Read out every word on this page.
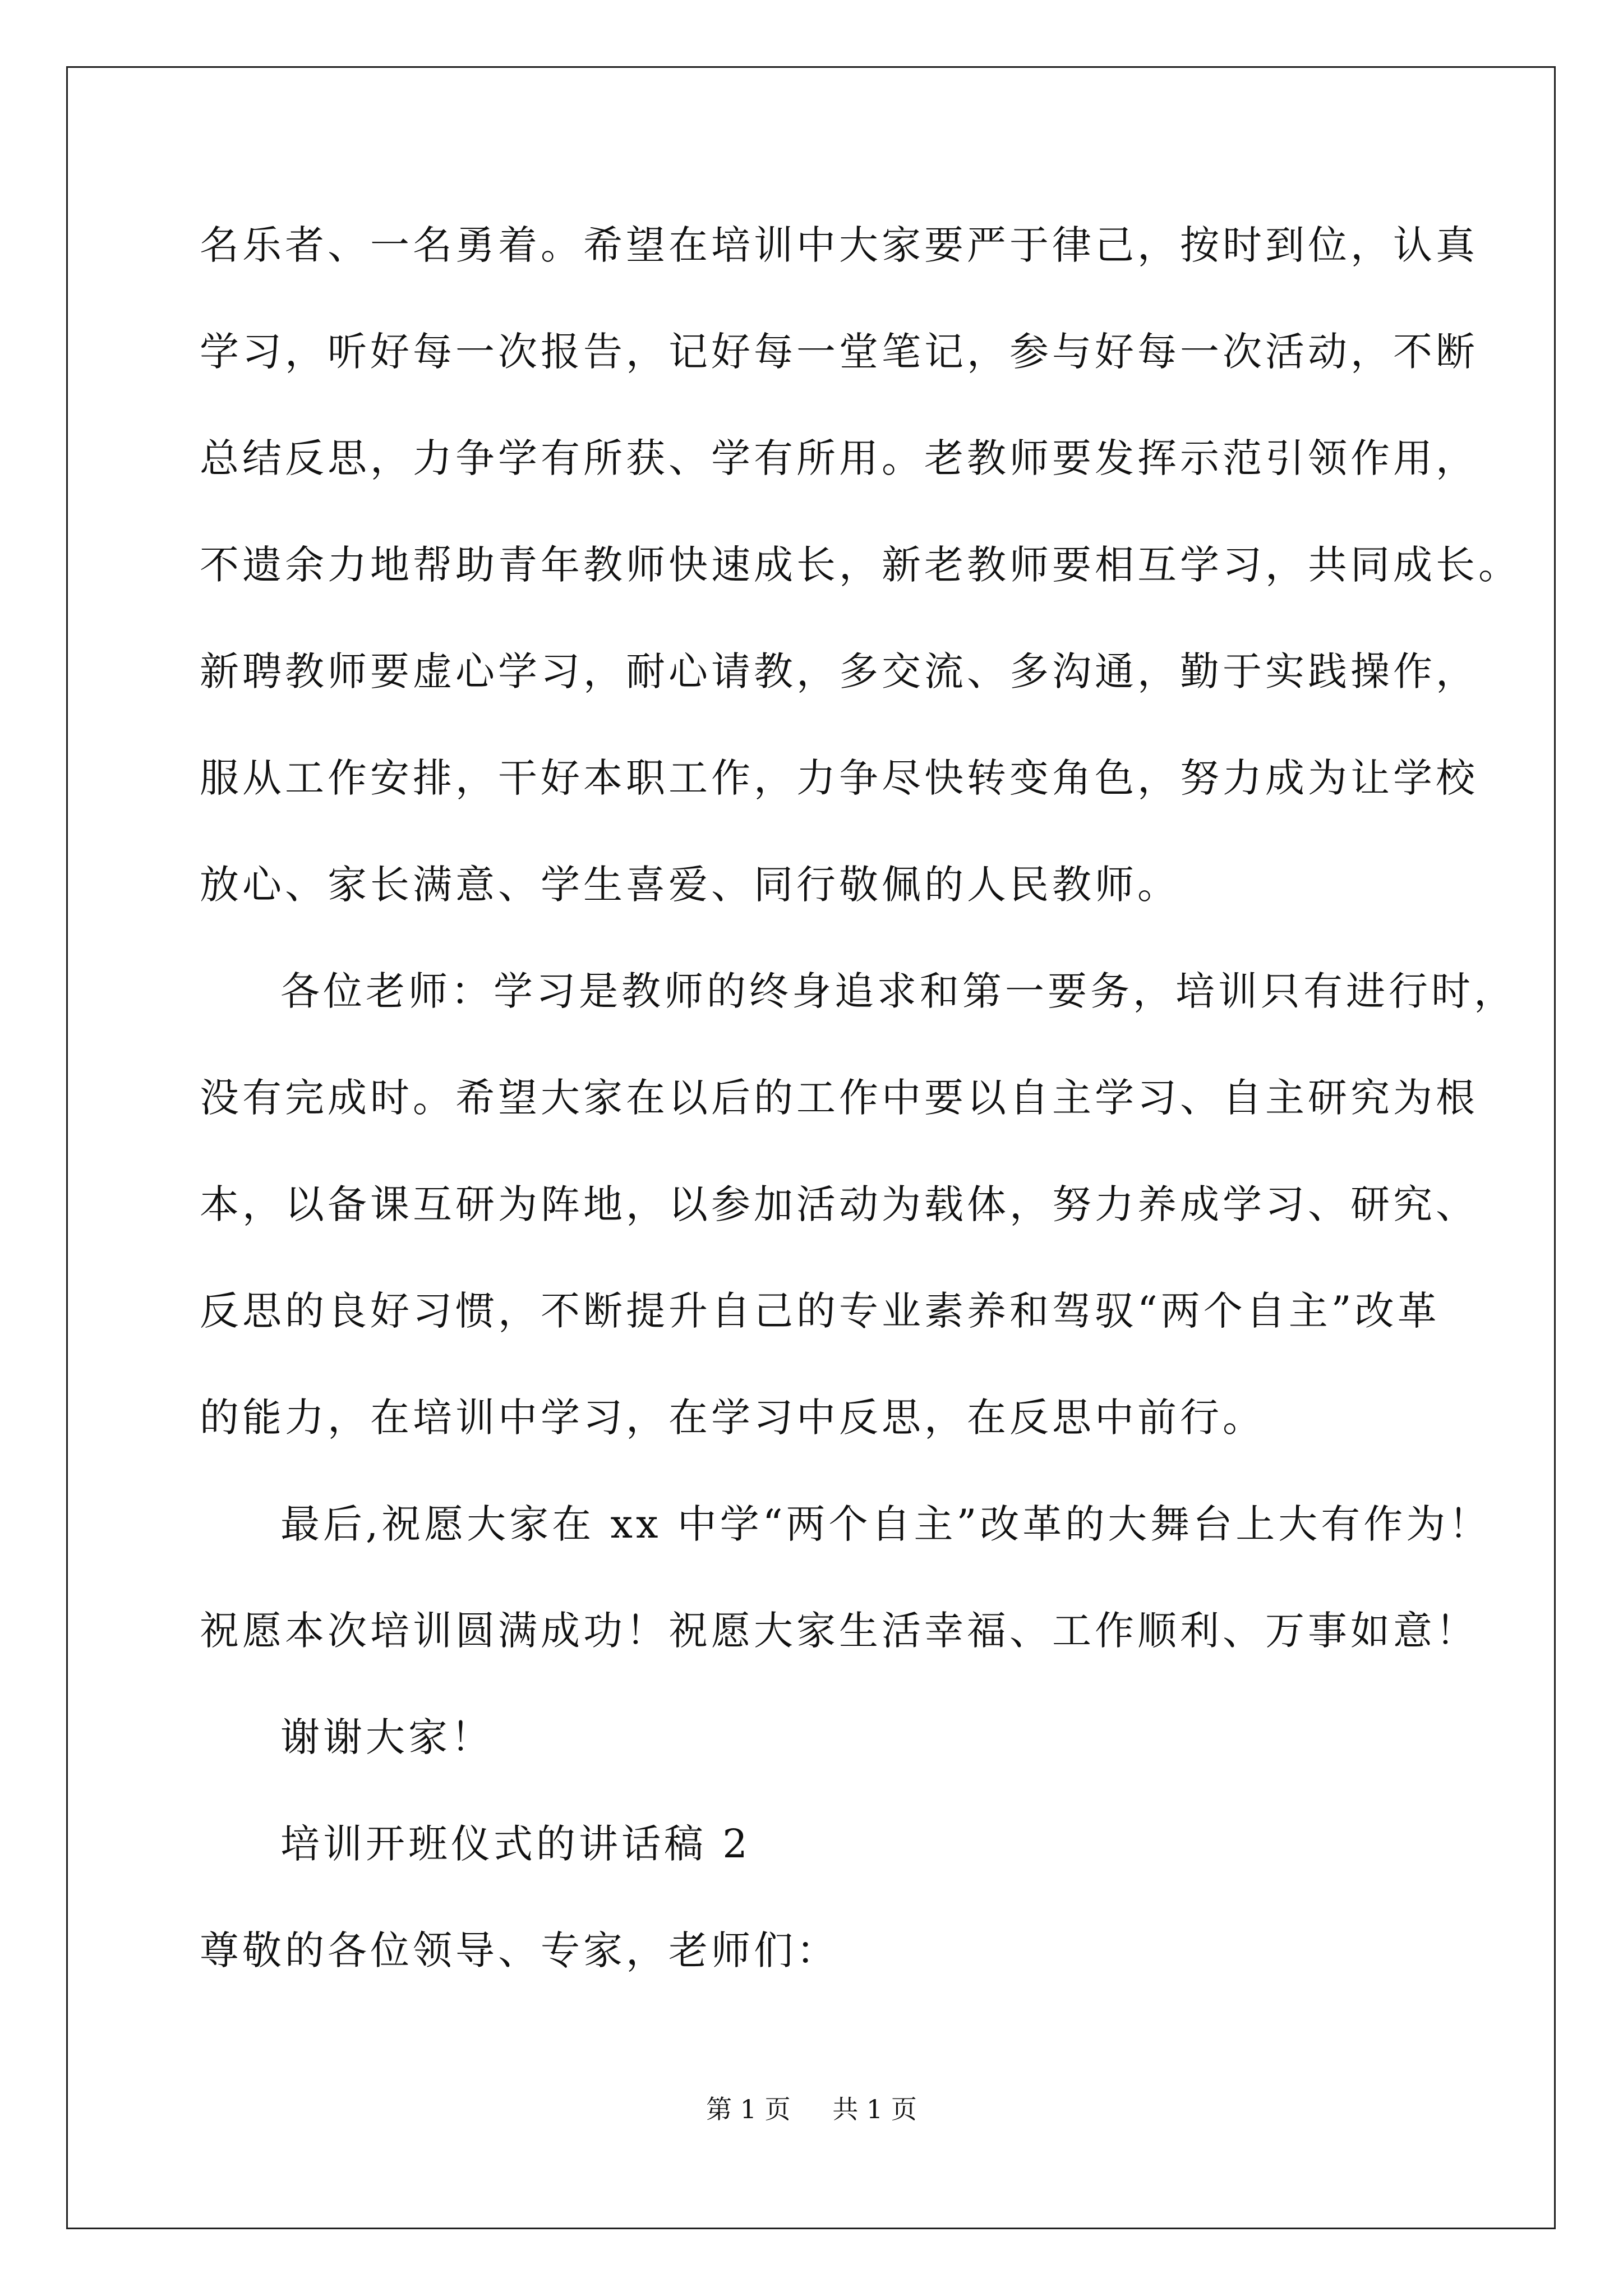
名乐者、一名勇着。希望在培训中大家要严于律己，按时到位，认真

学习，听好每一次报告，记好每一堂笔记，参与好每一次活动，不断

总结反思，力争学有所获、学有所用。老教师要发挥示范引领作用，

不遗余力地帮助青年教师快速成长，新老教师要相互学习，共同成长。

新聘教师要虚心学习，耐心请教，多交流、多沟通，勤于实践操作，

服从工作安排，干好本职工作，力争尽快转变角色，努力成为让学校

放心、家长满意、学生喜爱、同行敬佩的人民教师。

各位老师：学习是教师的终身追求和第一要务，培训只有进行时，

没有完成时。希望大家在以后的工作中要以自主学习、自主研究为根

本，以备课互研为阵地，以参加活动为载体，努力养成学习、研究、

反思的良好习惯，不断提升自己的专业素养和驾驭“两个自主”改革

的能力，在培训中学习，在学习中反思，在反思中前行。

最后,祝愿大家在 xx 中学“两个自主”改革的大舞台上大有作为！

祝愿本次培训圆满成功！祝愿大家生活幸福、工作顺利、万事如意！

谢谢大家！

培训开班仪式的讲话稿 2

尊敬的各位领导、专家，老师们：

第 1 页 共 1 页
